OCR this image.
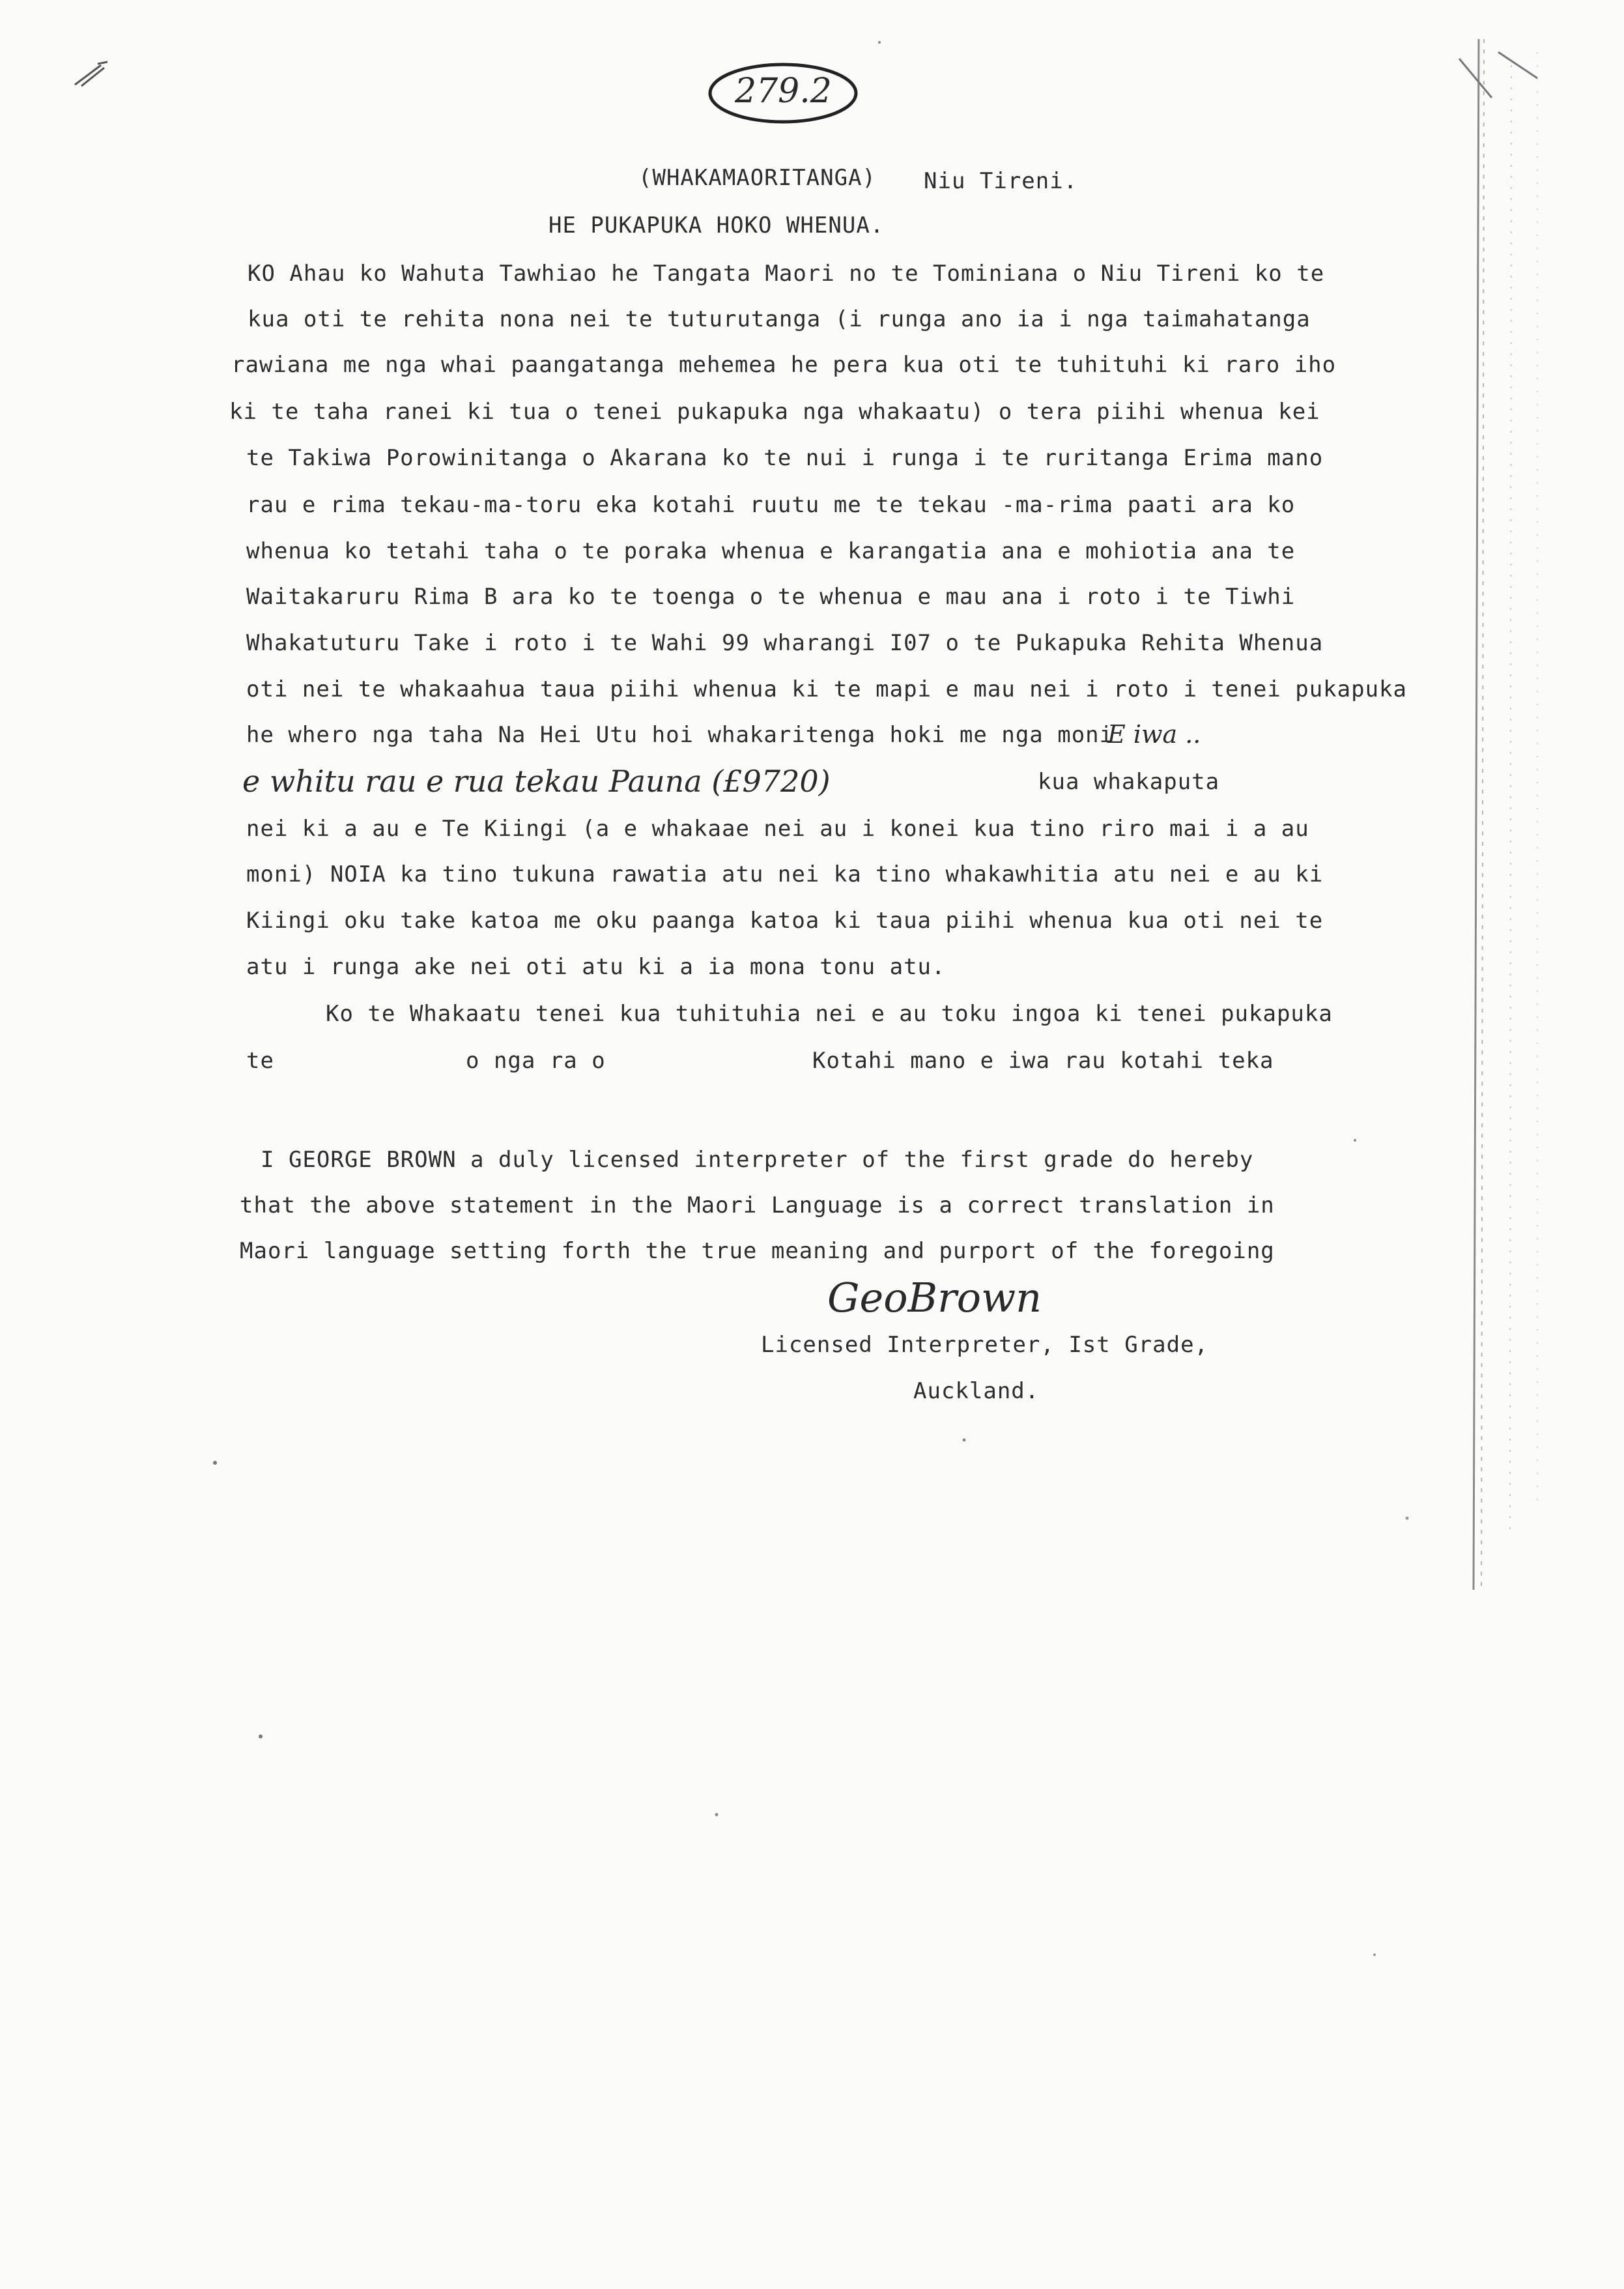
279.2
(WHAKAMAORITANGA) Niu Tireni.
HE PUKAPUKA HOKO WHENUA.
KO Ahau ko Wahuta Tawhiao he Tangata Maori no te Tominiana o Niu Tireni ko te
kua oti te rehita nona nei te tuturutanga (i runga ano ia i nga taimahatanga
rawiana me nga whai paangatanga mehemea he pera kua oti te tuhituhi ki raro iho
ki te taha ranei ki tua o tenei pukapuka nga whakaatu) o tera piihi whenua kei
te Takiwa Porowinitanga o Akarana ko te nui i runga i te ruritanga Erima mano
rau e rima tekau-ma-toru eka kotahi ruutu me te tekau -ma-rima paati ara ko
whenua ko tetahi taha o te poraka whenua e karangatia ana e mohiotia ana te
Waitakaruru Rima B ara ko te toenga o te whenua e mau ana i roto i te Tiwhi
Whakatuturu Take i roto i te Wahi 99 wharangi I07 o te Pukapuka Rehita Whenua
oti nei te whakaahua taua piihi whenua ki te mapi e mau nei i roto i tenei pukapuka
he whero nga taha Na Hei Utu hoi whakaritenga hoki me nga moni
E iwa ..
e whitu rau e rua tekau Pauna (£9720)	kua whakaputa
nei ki a au e Te Kiingi (a e whakaae nei au i konei kua tino riro mai i a au
moni) NOIA ka tino tukuna rawatia atu nei ka tino whakawhitia atu nei e au ki
Kiingi oku take katoa me oku paanga katoa ki taua piihi whenua kua oti nei te
atu i runga ake nei oti atu ki a ia mona tonu atu.
Ko te Whakaatu tenei kua tuhituhia nei e au toku ingoa ki tenei pukapuka
te	o nga ra o	Kotahi mano e iwa rau kotahi teka
I GEORGE BROWN a duly licensed interpreter of the first grade do hereby
that the above statement in the Maori Language is a correct translation in
Maori language setting forth the true meaning and purport of the foregoing
GeoBrown
Licensed Interpreter, Ist Grade,
Auckland.
